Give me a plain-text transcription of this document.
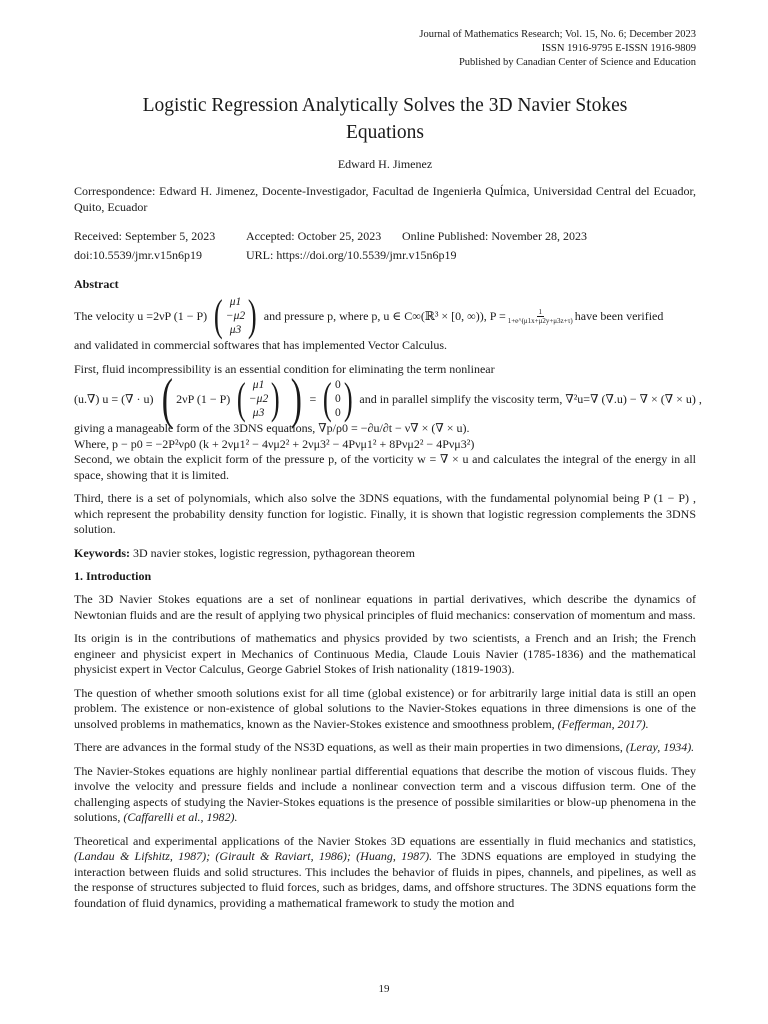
Journal of Mathematics Research; Vol. 15, No. 6; December 2023
ISSN 1916-9795 E-ISSN 1916-9809
Published by Canadian Center of Science and Education
Logistic Regression Analytically Solves the 3D Navier Stokes Equations
Edward H. Jimenez

Correspondence: Edward H. Jimenez, Docente-Investigador, Facultad de Ingenierła Quĺmica, Universidad Central del Ecuador, Quito, Ecuador

Received: September 5, 2023	Accepted: October 25, 2023	Online Published: November 28, 2023
doi:10.5539/jmr.v15n6p19	URL: https://doi.org/10.5539/jmr.v15n6p19

Abstract

The velocity u =2νP (1 − P) ( μ1
−μ2
μ3 ) and pressure p, where p, u ∈ C∞(ℝ³ × [0, ∞)), $P = \frac{1}{1+e\^{}(\mu 1x+\mu 2y+\mu 3z+\tau)}$ have been verified

and validated in commercial softwares that has implemented Vector Calculus.

First, fluid incompressibility is an essential condition for eliminating the term nonlinear

(u.∇) u = (∇ · u) ( 2νP (1 − P) ( μ1
−μ2
μ3 ) ) = ( 0
0
0 ) and in parallel simplify the viscosity term, ∇²u=∇ (∇.u) − ∇ × (∇ × u) ,

giving a manageable form of the 3DNS equations, ∇p/ρ0 = −∂u/∂t − ν∇ × (∇ × u).

Where, p − p0 = −2P²νρ0 (k + 2νμ1² − 4νμ2² + 2νμ3² − 4Pνμ1² + 8Pνμ2² − 4Pνμ3²)

Second, we obtain the explicit form of the pressure p, of the vorticity w = ∇ × u and calculates the integral of the energy in all space, showing that it is limited.

Third, there is a set of polynomials, which also solve the 3DNS equations, with the fundamental polynomial being P (1 − P) , which represent the probability density function for logistic. Finally, it is shown that logistic regression complements the 3DNS solution.

Keywords: 3D navier stokes, logistic regression, pythagorean theorem

1. Introduction

The 3D Navier Stokes equations are a set of nonlinear equations in partial derivatives, which describe the dynamics of Newtonian fluids and are the result of applying two physical principles of fluid mechanics: conservation of momentum and mass.

Its origin is in the contributions of mathematics and physics provided by two scientists, a French and an Irish; the French engineer and physicist expert in Mechanics of Continuous Media, Claude Louis Navier (1785-1836) and the mathematical physicist expert in Vector Calculus, George Gabriel Stokes of Irish nationality (1819-1903).

The question of whether smooth solutions exist for all time (global existence) or for arbitrarily large initial data is still an open problem. The existence or non-existence of global solutions to the Navier-Stokes equations in three dimensions is one of the unsolved problems in mathematics, known as the Navier-Stokes existence and smoothness problem, (Fefferman, 2017).

There are advances in the formal study of the NS3D equations, as well as their main properties in two dimensions, (Leray, 1934).

The Navier-Stokes equations are highly nonlinear partial differential equations that describe the motion of viscous fluids. They involve the velocity and pressure fields and include a nonlinear convection term and a viscous diffusion term. One of the challenging aspects of studying the Navier-Stokes equations is the presence of possible similarities or blow-up phenomena in the solutions, (Caffarelli et al., 1982).

Theoretical and experimental applications of the Navier Stokes 3D equations are essentially in fluid mechanics and statistics, (Landau & Lifshitz, 1987); (Girault & Raviart, 1986); (Huang, 1987). The 3DNS equations are employed in studying the interaction between fluids and solid structures. This includes the behavior of fluids in pipes, channels, and pipelines, as well as the response of structures subjected to fluid forces, such as bridges, dams, and offshore structures. The 3DNS equations form the foundation of fluid dynamics, providing a mathematical framework to study the motion and

19
